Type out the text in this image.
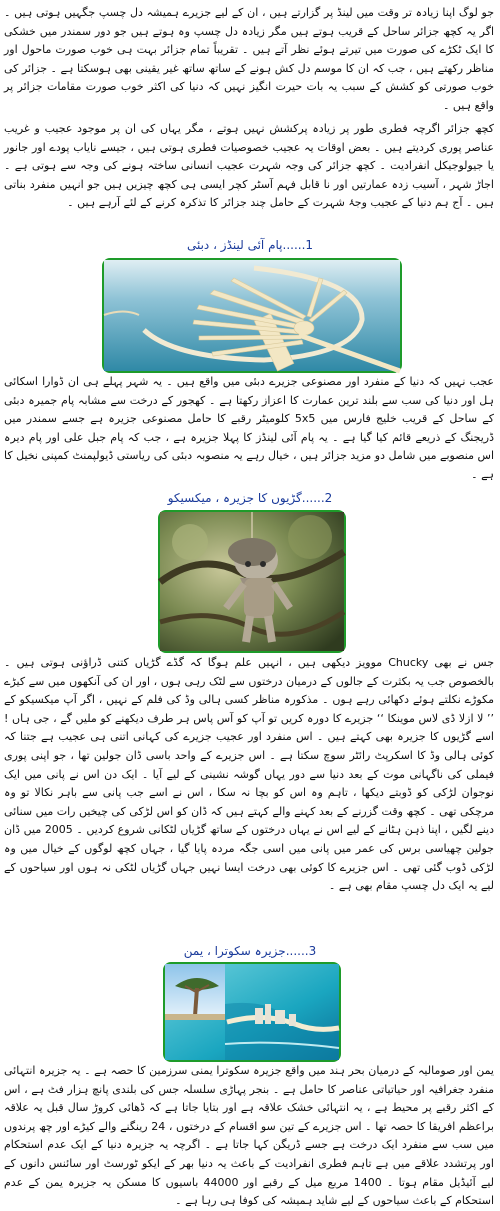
جو لوگ اپنا زیادہ تر وقت میں لینڈ پر گزارتے ہیں ، ان کے لیے جزیرے ہمیشہ دل چسپ جگہیں ہوتی ہیں ۔ اگر یہ کچھ جزائر ساحل کے قریب ہوتے ہیں مگر زیادہ دل چسپ وہ ہوتے ہیں جو دور سمندر میں خشکی کا ایک ٹکڑے کی صورت میں تیرتے ہوئے نظر آتے ہیں ۔ تقریباً تمام جزائر بہت ہی خوب صورت ماحول اور مناظر رکھتے ہیں ، جب کہ ان کا موسم دل کش ہونے کے ساتھ ساتھ غیر یقینی بھی ہوسکتا ہے ۔ جزائر کی خوب صورتی کو کشش کے سبب یہ بات حیرت انگیز نہیں کہ دنیا کی اکثر خوب صورت مقامات جزائر پر واقع ہیں ۔
کچھ جزائر اگرچہ فطری طور پر زیادہ پرکشش نہیں ہوتے ، مگر یہاں کی ان پر موجود عجیب و غریب عناصر پوری کردیتے ہیں ۔ بعض اوقات یہ عجیب خصوصیات فطری ہوتی ہیں ، جیسے نایاب پودے اور جانور یا جیولوجیکل انفرادیت ۔ کچھ جزائر کی وجہ شہرت عجیب انسانی ساختہ ہونے کی وجہ سے ہوتی ہے ۔ اجاڑ شہر ، آسیب زدہ عمارتیں اور نا قابل فہم آسٹر کچر ایسی ہی کچھ چیزیں ہیں جو انہیں منفرد بناتی ہیں ۔ آج ہم دنیا کے عجیب وجۂ شہرت کے حامل چند جزائر کا تذکرہ کرنے کے لئے آرہے ہیں ۔
1......پام آئی لینڈز ، دبئی
عجب نہیں کہ دنیا کے منفرد اور مصنوعی جزیرے دبئی میں واقع ہیں ۔ یہ شہر پہلے ہی ان ڈوارا اسکائی ہل اور دنیا کی سب سے بلند ترین عمارت کا اعزاز رکھتا ہے ۔ کھجور کے درخت سے مشابہ پام جمیرہ دبئی کے ساحل کے قریب خلیج فارس میں 5x5 کلومیٹر رقبے کا حامل مصنوعی جزیرہ ہے جسے سمندر میں ڈریجنگ کے ذریعے قائم کیا گیا ہے ۔ یہ پام آئی لینڈز کا پہلا جزیرہ ہے ، جب کہ پام جبل علی اور پام دیرہ اس منصوبے میں شامل دو مزید جزائر ہیں ، خیال رہے یہ منصوبہ دبئی کی ریاستی ڈیولپمنٹ کمپنی نخیل کا ہے ۔
2......گڑیوں کا جزیرہ ، میکسیکو
جس نے بھی Chucky موویز دیکھی ہیں ، انہیں علم ہوگا کہ گڈے گڑیاں کتنی ڈراؤنی ہوتی ہیں ۔ بالخصوص جب یہ بکثرت کے جالوں کے درمیان درختوں سے لٹک رہی ہوں ، اور ان کی آنکھوں میں سے کیڑے مکوڑے نکلتے ہوئے دکھائی رہے ہوں ۔ مذکورہ مناظر کسی ہالی وڈ کی فلم کے نہیں ، اگر آپ میکسیکو کے ’’ لا ازلا ڈی لاس موینکا ‘‘ جزیرے کا دورہ کریں تو آپ کو آس پاس ہر طرف دیکھنے کو ملیں گے ، جی ہاں ! اسے گڑیوں کا جزیرہ بھی کہتے ہیں ۔ اس منفرد اور عجیب جزیرے کی کہانی اتنی ہی عجیب ہے جتنا کہ کوئی ہالی وڈ کا اسکرپٹ رائٹر سوچ سکتا ہے ۔ اس جزیرے کے واحد باسی ڈان جولین تھا ، جو اپنی پوری فیملی کی ناگہانی موت کے بعد دنیا سے دور یہاں گوشہ نشینی کے لیے آیا ۔ ایک دن اس نے پانی میں ایک نوجوان لڑکی کو ڈوبتے دیکھا ، تاہم وہ اس کو بچا نہ سکا ، اس نے اسے جب پانی سے باہر نکالا تو وہ مرچکی تھی ۔ کچھ وقت گزرنے کے بعد کہنے والے کہتے ہیں کہ ڈان کو اس لڑکی کی چیخیں رات میں سنائی دینے لگیں ، اپنا ذہن ہٹانے کے لیے اس نے یہاں درختوں کے ساتھ گڑیاں لٹکانی شروع کردیں ۔ 2005 میں ڈان جولین چھیاسی برس کی عمر میں پانی میں اسی جگہ مردہ پایا گیا ، جہاں کچھ لوگوں کے خیال میں وہ لڑکی ڈوب گئی تھی ۔ اس جزیرے کا کوئی بھی درخت ایسا نہیں جہاں گڑیاں لٹکی نہ ہوں اور سیاحوں کے لیے یہ ایک دل چسپ مقام بھی ہے ۔
3......جزیرہ سکوترا ، یمن
یمن اور صومالیہ کے درمیان بحر ہند میں واقع جزیرہ سکوترا یمنی سرزمین کا حصہ ہے ۔ یہ جزیرہ انتہائی منفرد جغرافیہ اور حیاتیاتی عناصر کا حامل ہے ۔ بنجر پہاڑی سلسلہ جس کی بلندی پانچ ہزار فٹ ہے ، اس کے اکثر رقبے پر محیط ہے ، یہ انتہائی خشک علاقہ ہے اور بتایا جاتا ہے کہ ڈھائی کروڑ سال قبل یہ علاقہ براعظم افریقا کا حصہ تھا ۔ اس جزیرے کے تین سو اقسام کے درختوں ، 24 رینگنے والے کیڑے اور چھ پرندوں میں سب سے منفرد ایک درخت ہے جسے ڈریگن کہا جاتا ہے ۔ اگرچہ یہ جزیرہ دنیا کے ایک عدم استحکام اور پرتشدد علاقے میں ہے تاہم فطری انفرادیت کے باعث یہ دنیا بھر کے ایکو ٹورسٹ اور سائنس دانوں کے لیے آئیڈیل مقام ہوتا ۔ 1400 مربع میل کے رقبے اور 44000 باسیوں کا مسکن یہ جزیرہ یمن کے عدم استحکام کے باعث سیاحوں کے لیے شاید ہمیشہ کی کوفا ہی رہا ہے ۔
